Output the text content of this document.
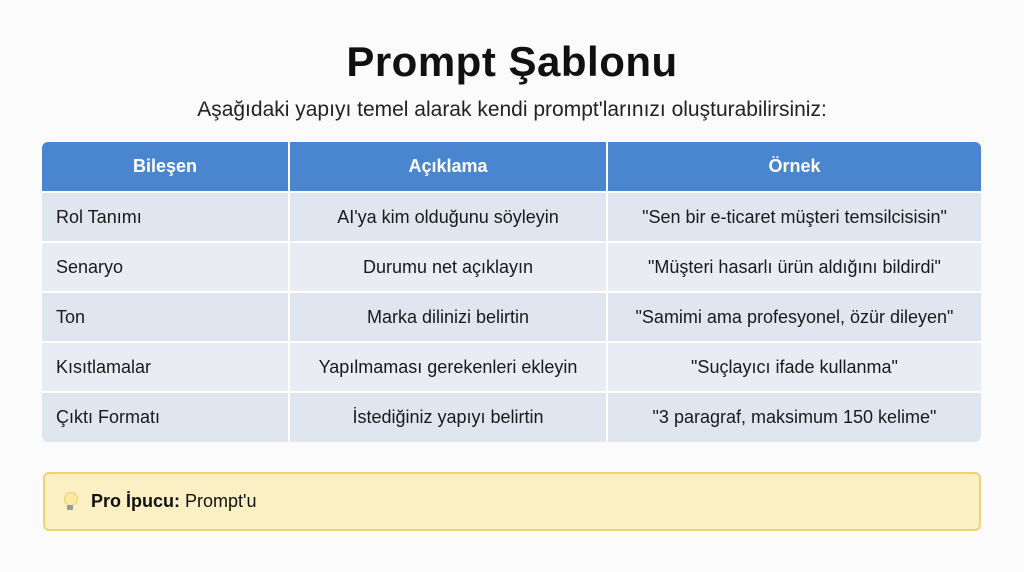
Prompt Şablonu
Aşağıdaki yapıyı temel alarak kendi prompt'larınızı oluşturabilirsiniz:
Bileşen	Açıklama	Örnek
Rol Tanımı	AI'ya kim olduğunu söyleyin	"Sen bir e-ticaret müşteri temsilcisisin"
Senaryo	Durumu net açıklayın	"Müşteri hasarlı ürün aldığını bildirdi"
Ton	Marka dilinizi belirtin	"Samimi ama profesyonel, özür dileyen"
Kısıtlamalar	Yapılmaması gerekenleri ekleyin	"Suçlayıcı ifade kullanma"
Çıktı Formatı	İstediğiniz yapıyı belirtin	"3 paragraf, maksimum 150 kelime"
Pro İpucu: Prompt'u
